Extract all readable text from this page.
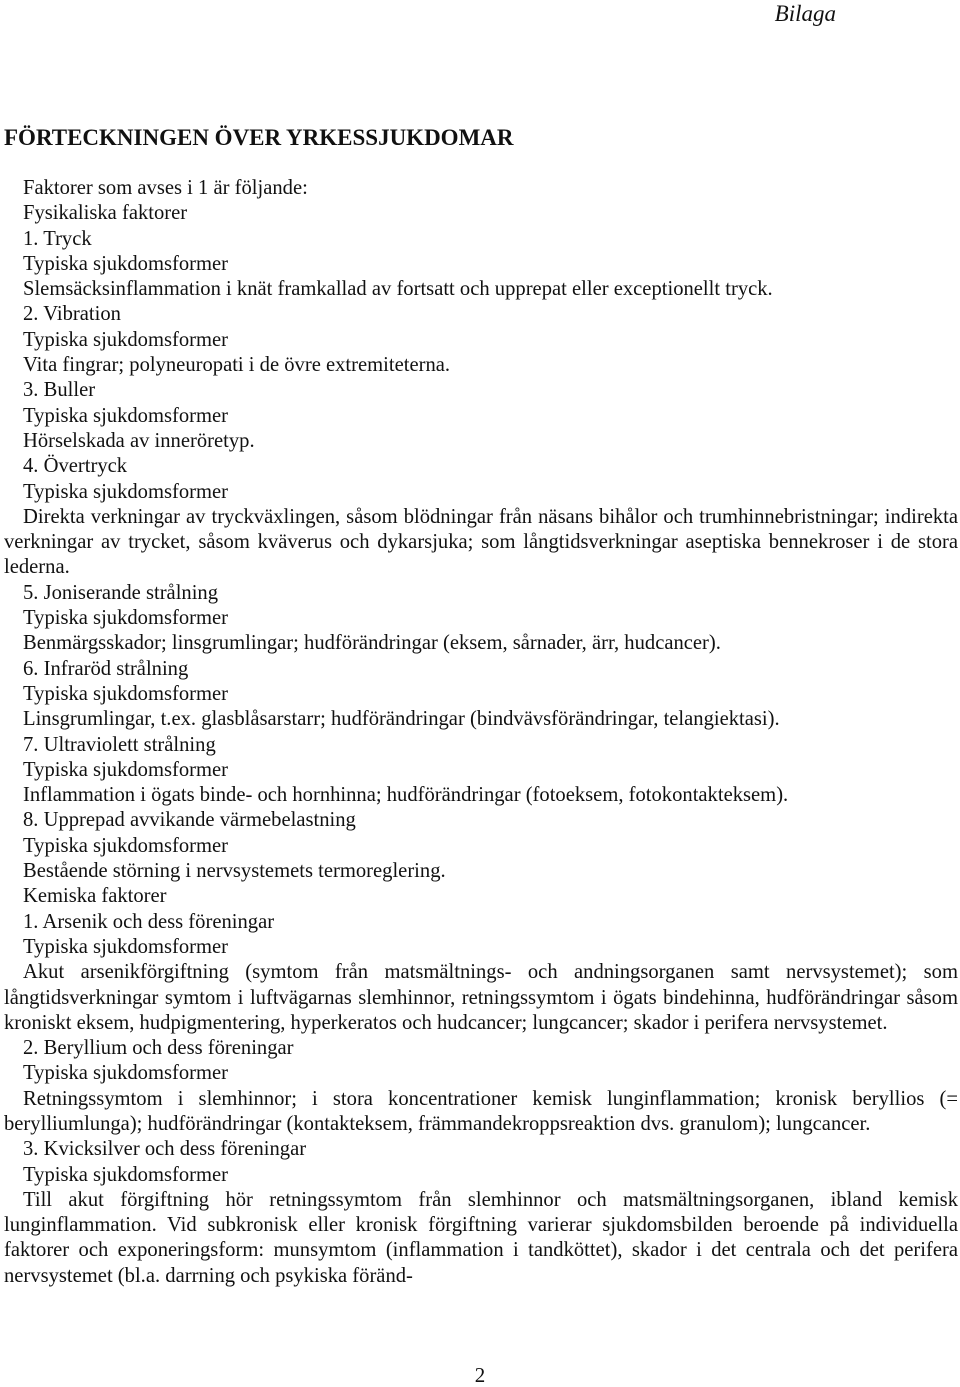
Bilaga
FÖRTECKNINGEN ÖVER YRKESSJUKDOMAR
Faktorer som avses i 1 är följande:
Fysikaliska faktorer
1. Tryck
Typiska sjukdomsformer
Slemsäcksinflammation i knät framkallad av fortsatt och upprepat eller exceptionellt tryck.
2. Vibration
Typiska sjukdomsformer
Vita fingrar; polyneuropati i de övre extremiteterna.
3. Buller
Typiska sjukdomsformer
Hörselskada av inneröretyp.
4. Övertryck
Typiska sjukdomsformer
Direkta verkningar av tryckväxlingen, såsom blödningar från näsans bihålor och trumhinnebristningar; indirekta verkningar av trycket, såsom kväverus och dykarsjuka; som långtidsverkningar aseptiska bennekroser i de stora lederna.
5. Joniserande strålning
Typiska sjukdomsformer
Benmärgsskador; linsgrumlingar; hudförändringar (eksem, sårnader, ärr, hudcancer).
6. Infraröd strålning
Typiska sjukdomsformer
Linsgrumlingar, t.ex. glasblåsarstarr; hudförändringar (bindvävsförändringar, telangiektasi).
7. Ultraviolett strålning
Typiska sjukdomsformer
Inflammation i ögats binde- och hornhinna; hudförändringar (fotoeksem, fotokontakteksem).
8. Upprepad avvikande värmebelastning
Typiska sjukdomsformer
Bestående störning i nervsystemets termoreglering.
Kemiska faktorer
1. Arsenik och dess föreningar
Typiska sjukdomsformer
Akut arsenikförgiftning (symtom från matsmältnings- och andningsorganen samt nervsystemet); som långtidsverkningar symtom i luftvägarnas slemhinnor, retningssymtom i ögats bindehinna, hudförändringar såsom kroniskt eksem, hudpigmentering, hyperkeratos och hudcancer; lungcancer; skador i perifera nervsystemet.
2. Beryllium och dess föreningar
Typiska sjukdomsformer
Retningssymtom i slemhinnor; i stora koncentrationer kemisk lunginflammation; kronisk beryllios (= berylliumlunga); hudförändringar (kontakteksem, främmandekroppsreaktion dvs. granulom); lungcancer.
3. Kvicksilver och dess föreningar
Typiska sjukdomsformer
Till akut förgiftning hör retningssymtom från slemhinnor och matsmältningsorganen, ibland kemisk lunginflammation. Vid subkronisk eller kronisk förgiftning varierar sjukdomsbilden beroende på individuella faktorer och exponeringsform: munsymtom (inflammation i tandköttet), skador i det centrala och det perifera nervsystemet (bl.a. darrning och psykiska föränd-
2
